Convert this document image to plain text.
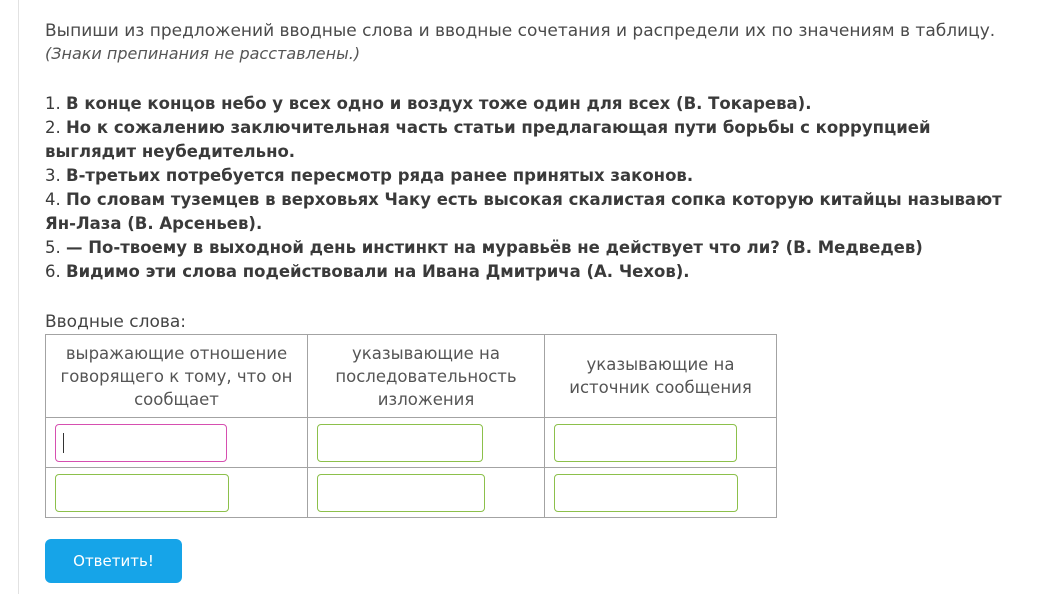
Выпиши из предложений вводные слова и вводные сочетания и распредели их по значениям в таблицу.

(Знаки препинания не расставлены.)

1. В конце концов небо у всех одно и воздух тоже один для всех (В. Токарева).
2. Но к сожалению заключительная часть статьи предлагающая пути борьбы с коррупцией выглядит неубедительно.
3. В-третьих потребуется пересмотр ряда ранее принятых законов.
4. По словам туземцев в верховьях Чаку есть высокая скалистая сопка которую китайцы называют Ян-Лаза (В. Арсеньев).
5. — По-твоему в выходной день инстинкт на муравьёв не действует что ли? (В. Медведев)
6. Видимо эти слова подействовали на Ивана Дмитрича (А. Чехов).
Вводные слова:
выражающие отношение говорящего к тому, что он сообщает	указывающие на последовательность изложения	указывающие на источник сообщения

Ответить!
